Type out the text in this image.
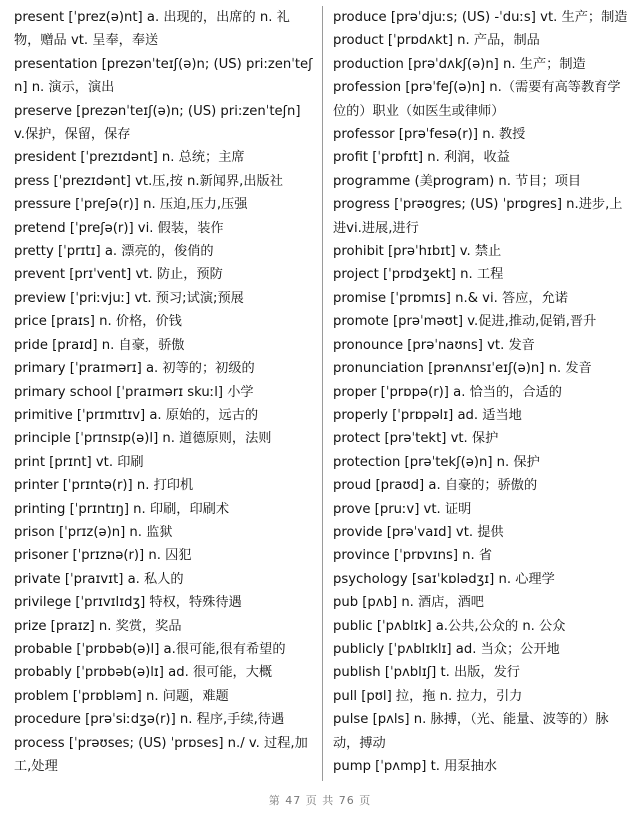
present [ˈprez(ə)nt] a. 出现的，出席的 n. 礼物，赠品 vt. 呈奉，奉送

presentation [prezənˈteɪʃ(ə)n; (US) pri:zenˈteʃn] n. 演示，演出

preserve [prezənˈteɪʃ(ə)n; (US) pri:zenˈteʃn] v.保护，保留，保存

president [ˈprezɪdənt] n. 总统；主席

press [ˈprezɪdənt] vt.压,按 n.新闻界,出版社

pressure [ˈpreʃə(r)] n. 压迫,压力,压强

pretend [ˈpreʃə(r)] vi. 假装，装作

pretty [ˈprɪtɪ] a. 漂亮的，俊俏的

prevent [prɪˈvent] vt. 防止，预防

preview [ˈpriːvjuː] vt. 预习;试演;预展

price [praɪs] n. 价格，价钱

pride [praɪd] n. 自豪，骄傲

primary [ˈpraɪmərɪ] a. 初等的；初级的

primary school [ˈpraɪmərɪ skuːl] 小学

primitive [ˈprɪmɪtɪv] a. 原始的，远古的

principle [ˈprɪnsɪp(ə)l] n. 道德原则，法则

print [prɪnt] vt. 印刷

printer [ˈprɪntə(r)] n. 打印机

printing [ˈprɪntɪŋ] n. 印刷，印刷术

prison [ˈprɪz(ə)n] n. 监狱

prisoner [ˈprɪznə(r)] n. 囚犯

private [ˈpraɪvɪt] a. 私人的

privilege [ˈprɪvɪlɪdʒ] 特权，特殊待遇

prize [praɪz] n. 奖赏，奖品

probable [ˈprɒbəb(ə)l] a.很可能,很有希望的

probably [ˈprɒbəb(ə)lɪ] ad. 很可能，大概

problem [ˈprɒbləm] n. 问题，难题

procedure [prəˈsiːdʒə(r)] n. 程序,手续,待遇

process [ˈprəʊses; (US) ˈprɒses] n./ v. 过程,加工,处理

produce [prəˈdjuːs; (US) -ˈduːs] vt. 生产；制造

product [ˈprɒdʌkt] n. 产品，制品

production [prəˈdʌkʃ(ə)n] n. 生产；制造

profession [prəˈfeʃ(ə)n] n.（需要有高等教育学位的）职业（如医生或律师）

professor [prəˈfesə(r)] n. 教授

profit [ˈprɒfɪt] n. 利润，收益

programme (美program) n. 节目；项目

progress [ˈprəʊgres; (US) ˈprɒgres] n.进步,上进vi.进展,进行

prohibit [prəˈhɪbɪt] v. 禁止

project [ˈprɒdʒekt] n. 工程

promise [ˈprɒmɪs] n.& vi. 答应，允诺

promote [prəˈməʊt] v.促进,推动,促销,晋升

pronounce [prəˈnaʊns] vt. 发音

pronunciation [prənʌnsɪˈeɪʃ(ə)n] n. 发音

proper [ˈprɒpə(r)] a. 恰当的，合适的

properly [ˈprɒpəlɪ] ad. 适当地

protect [prəˈtekt] vt. 保护

protection [prəˈtekʃ(ə)n] n. 保护

proud [praʊd] a. 自豪的；骄傲的

prove [pruːv] vt. 证明

provide [prəˈvaɪd] vt. 提供

province [ˈprɒvɪns] n. 省

psychology [saɪˈkɒlədʒɪ] n. 心理学

pub [pʌb] n. 酒店，酒吧

public [ˈpʌblɪk] a.公共,公众的 n. 公众

publicly [ˈpʌblɪklɪ] ad. 当众；公开地

publish [ˈpʌblɪʃ] t. 出版，发行

pull [pʊl] 拉，拖 n. 拉力，引力

pulse [pʌls] n. 脉搏，（光、能量、波等的）脉动，搏动

pump [ˈpʌmp] t. 用泵抽水

第 47 页 共 76 页
